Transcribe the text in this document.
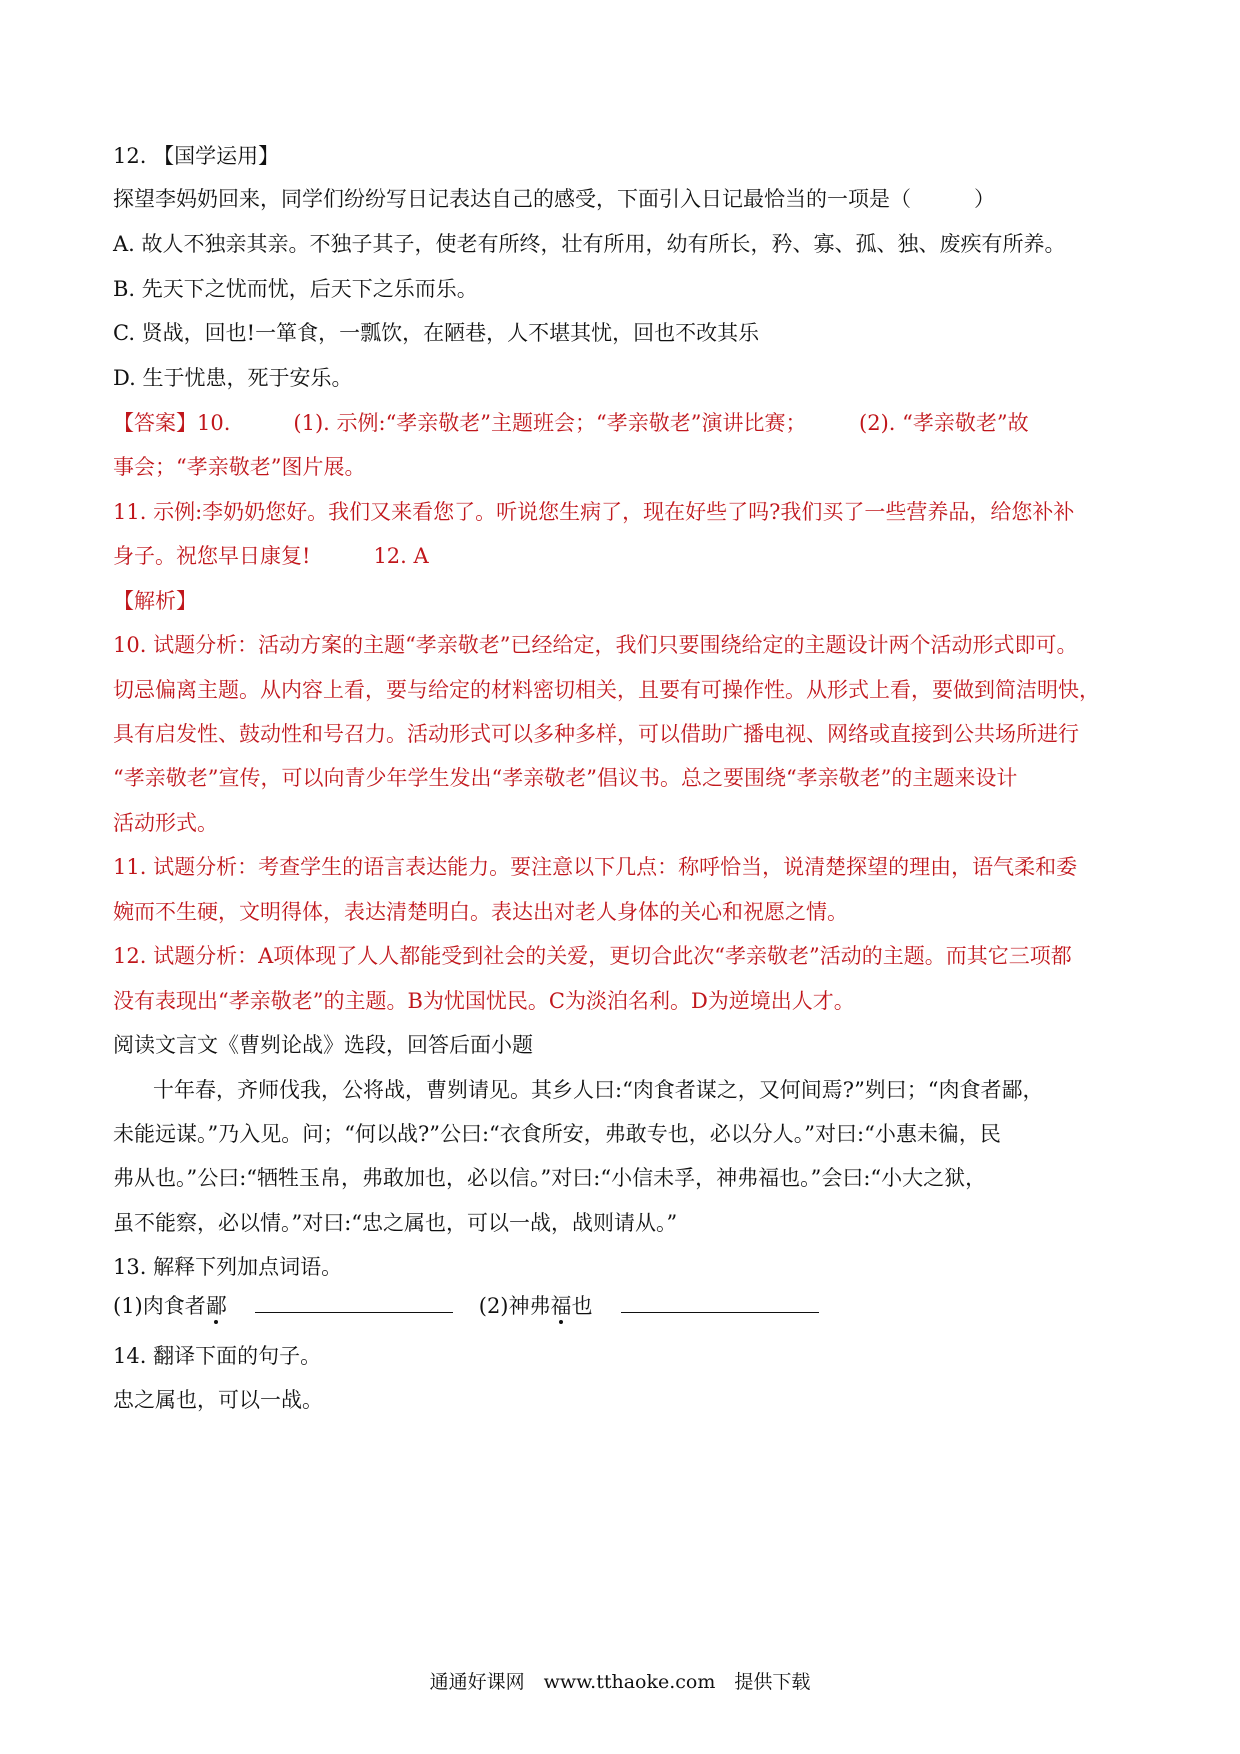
12. 【国学运用】
探望李妈奶回来，同学们纷纷写日记表达自己的感受，下面引入日记最恰当的一项是（　　　）
A. 故人不独亲其亲。不独子其子，使老有所终，壮有所用，幼有所长，矜、寡、孤、独、废疾有所养。
B. 先天下之忧而忧，后天下之乐而乐。
C. 贤战，回也!一箪食，一瓢饮，在陋巷，人不堪其忧，回也不改其乐
D. 生于忧患，死于安乐。
【答案】10.　　　(1). 示例:“孝亲敬老”主题班会；“孝亲敬老”演讲比赛；　　　(2). “孝亲敬老”故
事会；“孝亲敬老”图片展。
11. 示例:李奶奶您好。我们又来看您了。听说您生病了，现在好些了吗?我们买了一些营养品，给您补补
身子。祝您早日康复!　　　12. A
【解析】
10. 试题分析：活动方案的主题“孝亲敬老”已经给定，我们只要围绕给定的主题设计两个活动形式即可。
切忌偏离主题。从内容上看，要与给定的材料密切相关，且要有可操作性。从形式上看，要做到简洁明快，
具有启发性、鼓动性和号召力。活动形式可以多种多样，可以借助广播电视、网络或直接到公共场所进行
“孝亲敬老”宣传，可以向青少年学生发出“孝亲敬老”倡议书。总之要围绕“孝亲敬老”的主题来设计
活动形式。
11. 试题分析：考查学生的语言表达能力。要注意以下几点：称呼恰当，说清楚探望的理由，语气柔和委
婉而不生硬，文明得体，表达清楚明白。表达出对老人身体的关心和祝愿之情。
12. 试题分析：A项体现了人人都能受到社会的关爱，更切合此次“孝亲敬老”活动的主题。而其它三项都
没有表现出“孝亲敬老”的主题。B为忧国忧民。C为淡泊名利。D为逆境出人才。
阅读文言文《曹刿论战》选段，回答后面小题
十年春，齐师伐我，公将战，曹刿请见。其乡人曰:“肉食者谋之，又何间焉?”刿曰；“肉食者鄙，
未能远谋。”乃入见。问；“何以战?”公曰:“衣食所安，弗敢专也，必以分人。”对曰:“小惠未徧，民
弗从也。”公曰:“牺牲玉帛，弗敢加也，必以信。”对曰:“小信未孚，神弗福也。”会曰:“小大之狱，
虽不能察，必以情。”对曰:“忠之属也，可以一战，战则请从。”
13. 解释下列加点词语。
(1)肉食者鄙	(2)神弗福也
14. 翻译下面的句子。
忠之属也，可以一战。
通通好课网　www.tthaoke.com　提供下载
